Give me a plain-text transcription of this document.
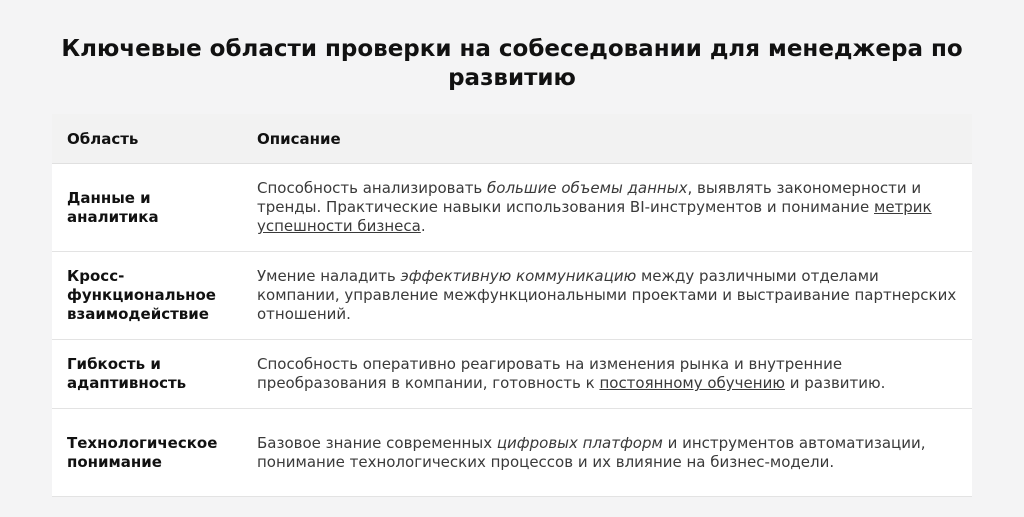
Ключевые области проверки на собеседовании для менеджера по развитию
Область	Описание
Данные и аналитика	Способность анализировать большие объемы данных, выявлять закономерности и тренды. Практические навыки использования BI-инструментов и понимание метрик успешности бизнеса.
Кросс-функциональное взаимодействие	Умение наладить эффективную коммуникацию между различными отделами компании, управление межфункциональными проектами и выстраивание партнерских отношений.
Гибкость и адаптивность	Способность оперативно реагировать на изменения рынка и внутренние преобразования в компании, готовность к постоянному обучению и развитию.
Технологическое понимание	Базовое знание современных цифровых платформ и инструментов автоматизации, понимание технологических процессов и их влияние на бизнес-модели.
